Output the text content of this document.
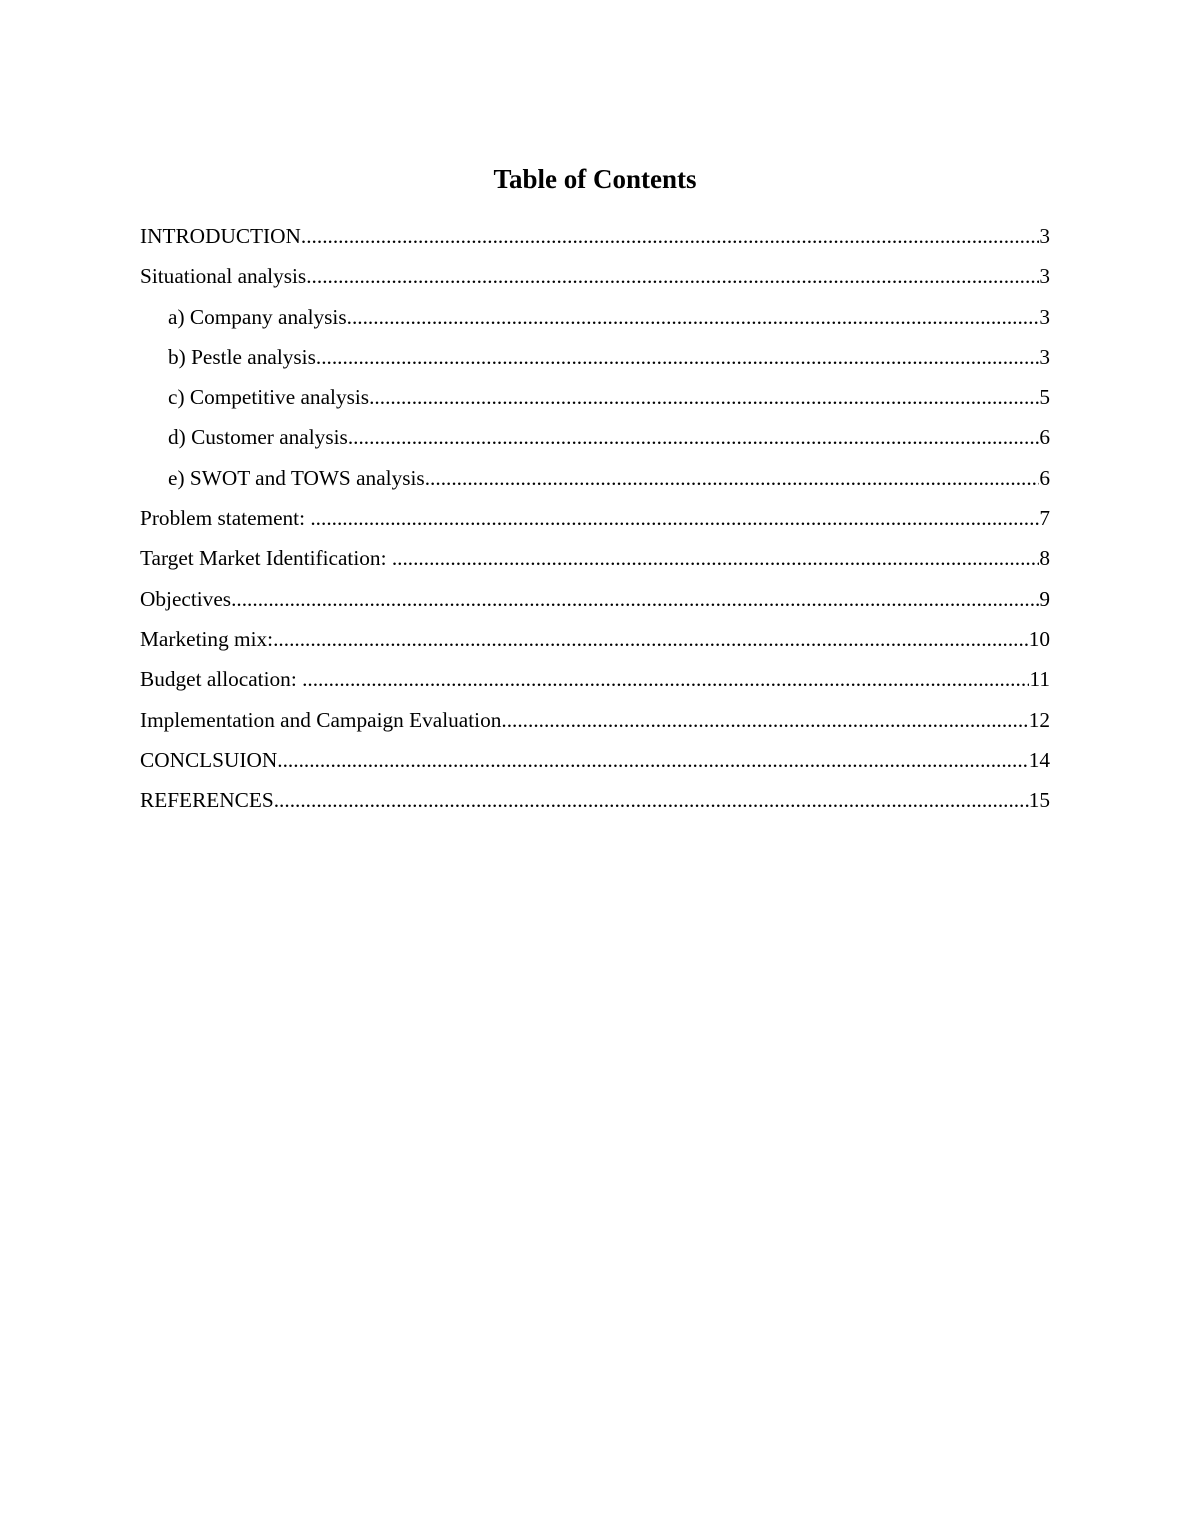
Table of Contents
INTRODUCTION .....	3
Situational analysis .....	3
a) Company analysis .....	3
b) Pestle analysis .....	3
c) Competitive analysis .....	5
d) Customer analysis .....	6
e) SWOT and TOWS analysis .....	6
Problem statement: .....	7
Target Market Identification: .....	8
Objectives .....	9
Marketing mix: .....	10
Budget allocation: .....	11
Implementation and Campaign Evaluation .....	12
CONCLSUION .....	14
REFERENCES .....	15
